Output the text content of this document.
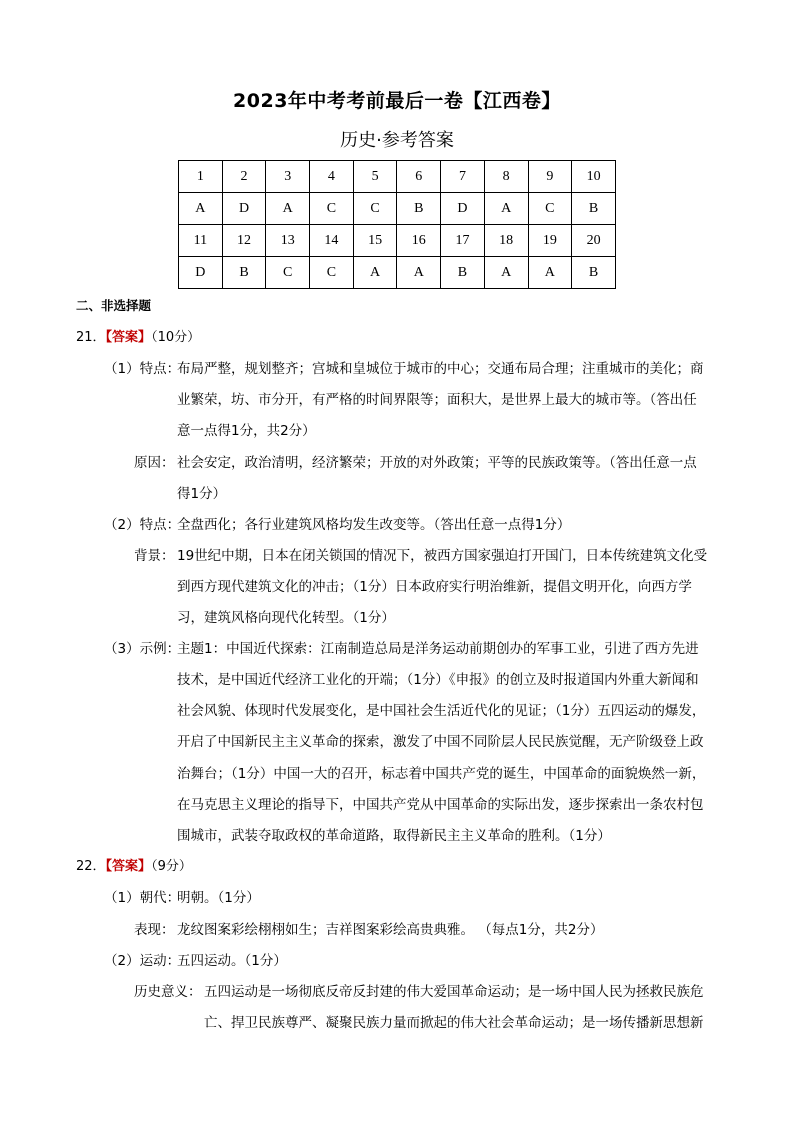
2023年中考考前最后一卷【江西卷】
历史·参考答案
1	2	3	4	5	6	7	8	9	10
A	D	A	C	C	B	D	A	C	B
11	12	13	14	15	16	17	18	19	20
D	B	C	C	A	A	B	A	A	B
二、非选择题
21．【答案】（10分）
（1）特点：
布局严整，规划整齐；宫城和皇城位于城市的中心；交通布局合理；注重城市的美化；商
业繁荣，坊、市分开，有严格的时间界限等；面积大，是世界上最大的城市等。（答出任
意一点得1分，共2分）
原因： 社会安定，政治清明，经济繁荣；开放的对外政策；平等的民族政策等。（答出任意一点
得1分）
（2）特点：
全盘西化；各行业建筑风格均发生改变等。（答出任意一点得1分）
背景： 19世纪中期，日本在闭关锁国的情况下，被西方国家强迫打开国门，日本传统建筑文化受
到西方现代建筑文化的冲击；（1分）日本政府实行明治维新，提倡文明开化，向西方学
习，建筑风格向现代化转型。（1分）
（3）示例：
主题1：中国近代探索：江南制造总局是洋务运动前期创办的军事工业，引进了西方先进
技术，是中国近代经济工业化的开端；（1分）《申报》的创立及时报道国内外重大新闻和
社会风貌、体现时代发展变化，是中国社会生活近代化的见证；（1分）五四运动的爆发，
开启了中国新民主主义革命的探索，激发了中国不同阶层人民民族觉醒，无产阶级登上政
治舞台；（1分）中国一大的召开，标志着中国共产党的诞生，中国革命的面貌焕然一新，
在马克思主义理论的指导下，中国共产党从中国革命的实际出发，逐步探索出一条农村包
围城市，武装夺取政权的革命道路，取得新民主主义革命的胜利。（1分）
22．【答案】（9分）
（1）朝代：
明朝。（1分）
表现： 龙纹图案彩绘栩栩如生；吉祥图案彩绘高贵典雅。 （每点1分，共2分）
（2）运动：
五四运动。（1分）
历史意义： 五四运动是一场彻底反帝反封建的伟大爱国革命运动；是一场中国人民为拯救民族危
亡、捍卫民族尊严、凝聚民族力量而掀起的伟大社会革命运动；是一场传播新思想新
